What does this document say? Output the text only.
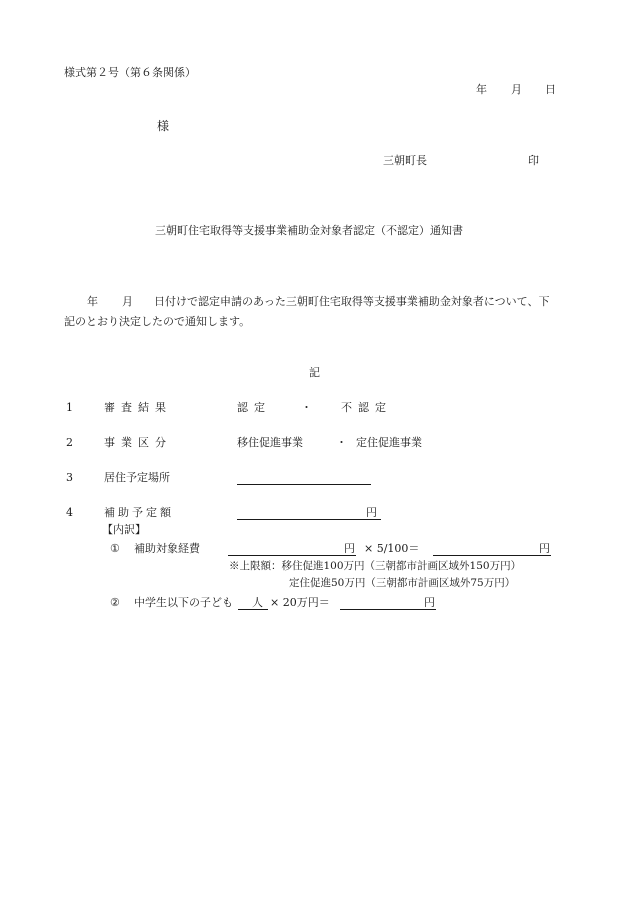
様式第２号（第６条関係）
年 月 日
様
三朝町長	印
三朝町住宅取得等支援事業補助金対象者認定（不認定）通知書
年 月 日付けで認定申請のあった三朝町住宅取得等支援事業補助金対象者について、下
記のとおり決定したので通知します。
記
1	審査結果	認定	・	不認定
2	事業区分	移住促進事業	・ 定住促進事業
3	居住予定場所
4	補助予定額	円
【内訳】
① 補助対象経費	円 × 5/100＝	円
※上限額：移住促進100万円（三朝都市計画区域外150万円）
定住促進50万円（三朝都市計画区域外75万円）
② 中学生以下の子ども 人 × 20万円＝	円
